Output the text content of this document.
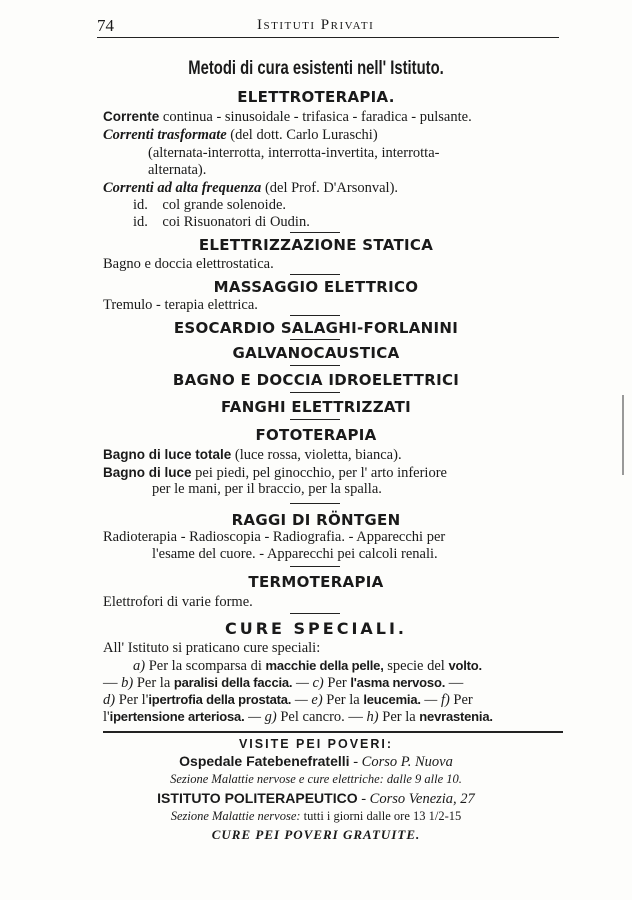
74	Istituti Privati
Metodi di cura esistenti nell' Istituto.
ELETTROTERAPIA.
Corrente continua - sinusoidale - trifasica - faradica - pulsante.
Correnti trasformate (del dott. Carlo Luraschi)
(alternata-interrotta, interrotta-invertita, interrotta-
alternata).
Correnti ad alta frequenza (del Prof. D'Arsonval).
id. col grande solenoide.
id. coi Risuonatori di Oudin.
ELETTRIZZAZIONE STATICA
Bagno e doccia elettrostatica.
MASSAGGIO ELETTRICO
Tremulo - terapia elettrica.
ESOCARDIO SALAGHI-FORLANINI
GALVANOCAUSTICA
BAGNO E DOCCIA IDROELETTRICI
FANGHI ELETTRIZZATI
FOTOTERAPIA
Bagno di luce totale (luce rossa, violetta, bianca).
Bagno di luce pei piedi, pel ginocchio, per l' arto inferiore
per le mani, per il braccio, per la spalla.
RAGGI DI RÖNTGEN
Radioterapia - Radioscopia - Radiografia. - Apparecchi per
l'esame del cuore. - Apparecchi pei calcoli renali.
TERMOTERAPIA
Elettrofori di varie forme.
CURE SPECIALI.
All' Istituto si praticano cure speciali:
a) Per la scomparsa di macchie della pelle, specie del volto.
— b) Per la paralisi della faccia. — c) Per l'asma nervoso. —
d) Per l'ipertrofia della prostata. — e) Per la leucemia. — f) Per
l'ipertensione arteriosa. — g) Pel cancro. — h) Per la nevrastenia.
VISITE PEI POVERI:
Ospedale Fatebenefratelli - Corso P. Nuova
Sezione Malattie nervose e cure elettriche: dalle 9 alle 10.
ISTITUTO POLITERAPEUTICO - Corso Venezia, 27
Sezione Malattie nervose: tutti i giorni dalle ore 13 1/2-15
CURE PEI POVERI GRATUITE.
